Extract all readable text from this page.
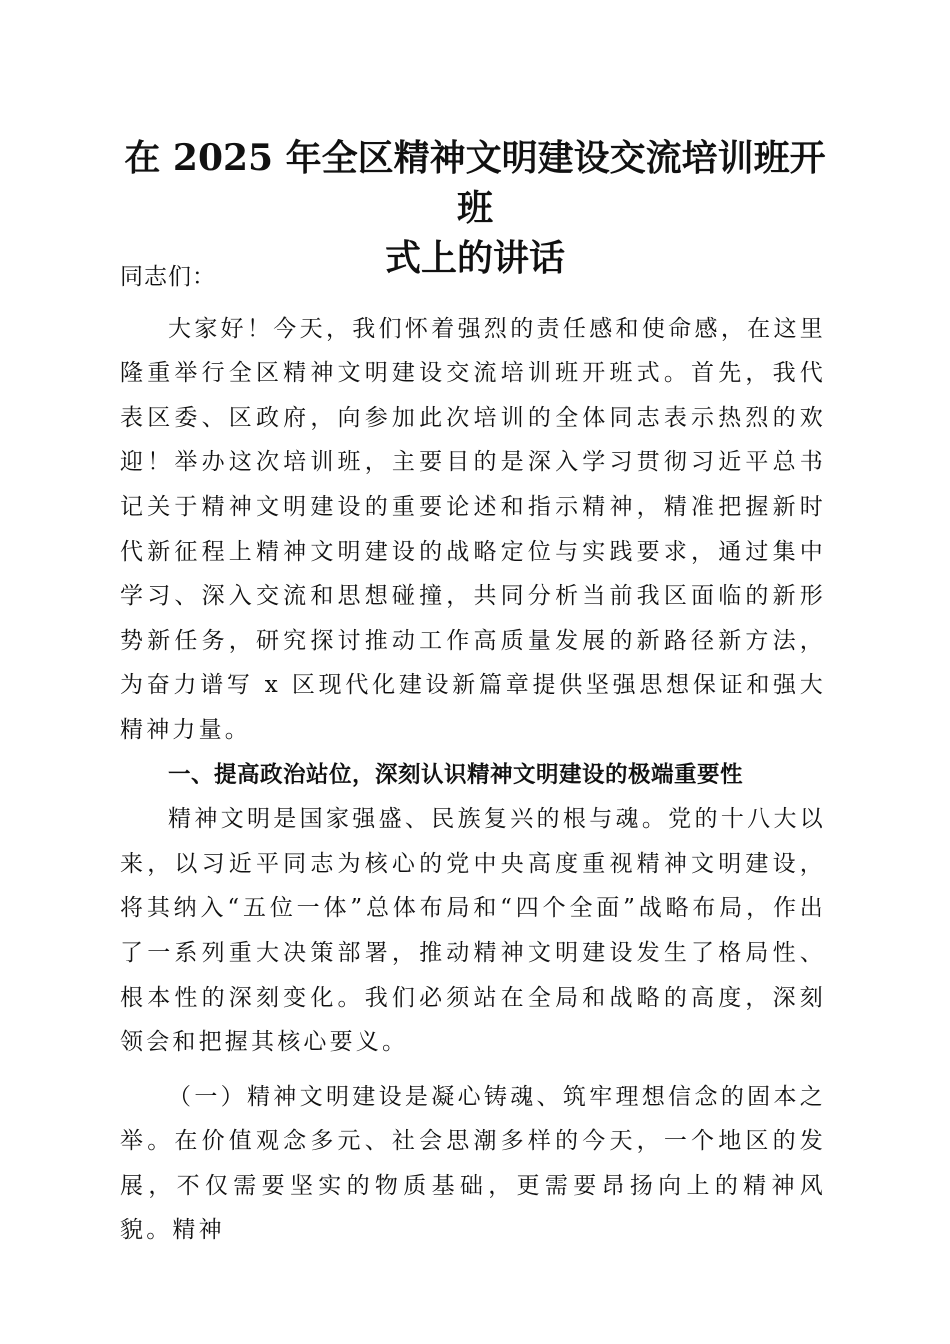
在 2025 年全区精神文明建设交流培训班开班
式上的讲话

同志们：

大家好！今天，我们怀着强烈的责任感和使命感，在这里隆重举行全区精神文明建设交流培训班开班式。首先，我代表区委、区政府，向参加此次培训的全体同志表示热烈的欢迎！举办这次培训班，主要目的是深入学习贯彻习近平总书记关于精神文明建设的重要论述和指示精神，精准把握新时代新征程上精神文明建设的战略定位与实践要求，通过集中学习、深入交流和思想碰撞，共同分析当前我区面临的新形势新任务，研究探讨推动工作高质量发展的新路径新方法，为奋力谱写 x 区现代化建设新篇章提供坚强思想保证和强大精神力量。

一、提高政治站位，深刻认识精神文明建设的极端重要性

精神文明是国家强盛、民族复兴的根与魂。党的十八大以来，以习近平同志为核心的党中央高度重视精神文明建设，将其纳入“五位一体”总体布局和“四个全面”战略布局，作出了一系列重大决策部署，推动精神文明建设发生了格局性、根本性的深刻变化。我们必须站在全局和战略的高度，深刻领会和把握其核心要义。

（一）精神文明建设是凝心铸魂、筑牢理想信念的固本之举。在价值观念多元、社会思潮多样的今天，一个地区的发展，不仅需要坚实的物质基础，更需要昂扬向上的精神风貌。精神
